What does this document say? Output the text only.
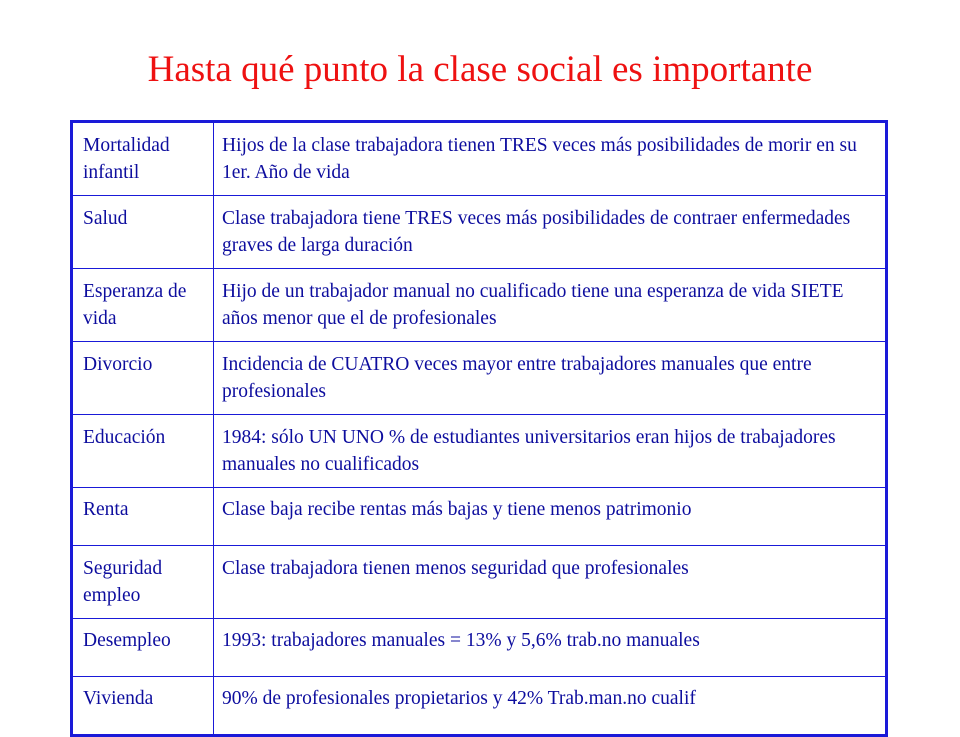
Hasta qué punto la clase social es importante
Mortalidad infantil	Hijos de la clase trabajadora tienen TRES veces más posibilidades de morir en su 1er. Año de vida
Salud	Clase trabajadora tiene TRES veces más posibilidades de contraer enfermedades graves de larga duración
Esperanza de vida	Hijo de un trabajador manual no cualificado tiene una esperanza de vida SIETE años menor que el de profesionales
Divorcio	Incidencia de CUATRO veces mayor entre trabajadores manuales que entre profesionales
Educación	1984: sólo UN UNO % de estudiantes universitarios eran hijos de trabajadores manuales no cualificados
Renta	Clase baja recibe rentas más bajas y tiene menos patrimonio
Seguridad empleo	Clase trabajadora tienen menos seguridad que profesionales
Desempleo	1993: trabajadores manuales = 13% y 5,6% trab.no manuales
Vivienda	90% de profesionales propietarios y 42% Trab.man.no cualif
